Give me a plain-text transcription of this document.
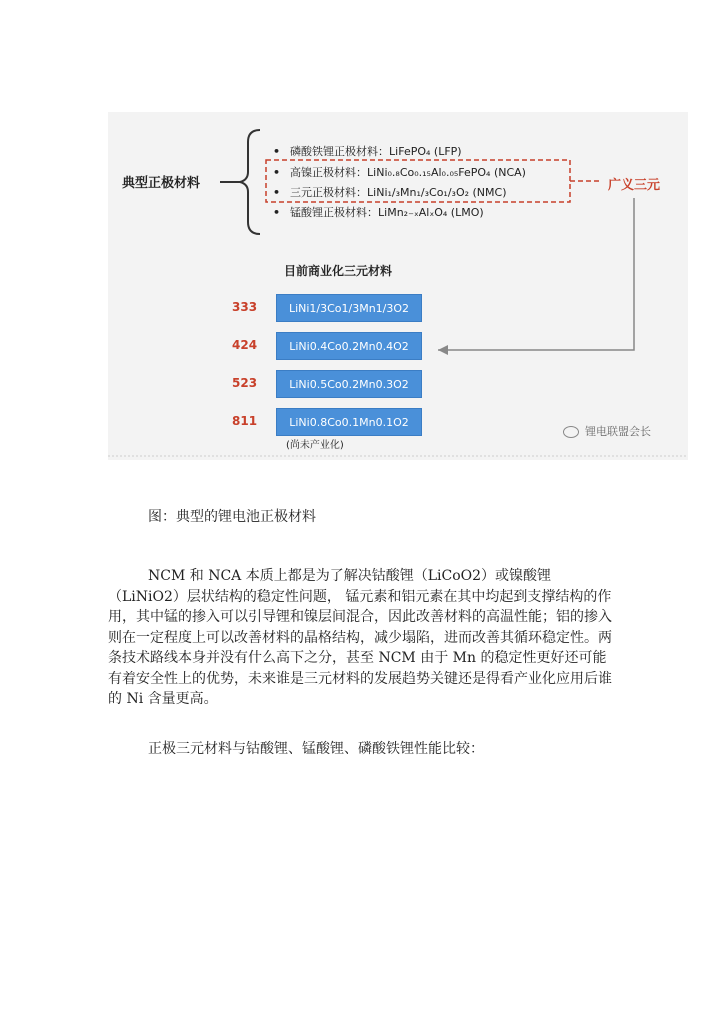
典型正极材料
• 磷酸铁锂正极材料：LiFePO₄ (LFP)
• 高镍正极材料：LiNi₀.₈Co₀.₁₅Al₀.₀₅FePO₄ (NCA)
• 三元正极材料：LiNi₁/₃Mn₁/₃Co₁/₃O₂ (NMC)
• 锰酸锂正极材料：LiMn₂₋ₓAlₓO₄ (LMO)
广义三元
目前商业化三元材料
333
424
523
811
LiNi1/3Co1/3Mn1/3O2
LiNi0.4Co0.2Mn0.4O2
LiNi0.5Co0.2Mn0.3O2
LiNi0.8Co0.1Mn0.1O2
(尚未产业化)
锂电联盟会长
图：典型的锂电池正极材料

NCM 和 NCA 本质上都是为了解决钴酸锂（LiCoO2）或镍酸锂（LiNiO2）层状结构的稳定性问题， 锰元素和铝元素在其中均起到支撑结构的作用，其中锰的掺入可以引导锂和镍层间混合，因此改善材料的高温性能；铝的掺入则在一定程度上可以改善材料的晶格结构，减少塌陷，进而改善其循环稳定性。两条技术路线本身并没有什么高下之分，甚至 NCM 由于 Mn 的稳定性更好还可能有着安全性上的优势，未来谁是三元材料的发展趋势关键还是得看产业化应用后谁的 Ni 含量更高。

正极三元材料与钴酸锂、锰酸锂、磷酸铁锂性能比较：
